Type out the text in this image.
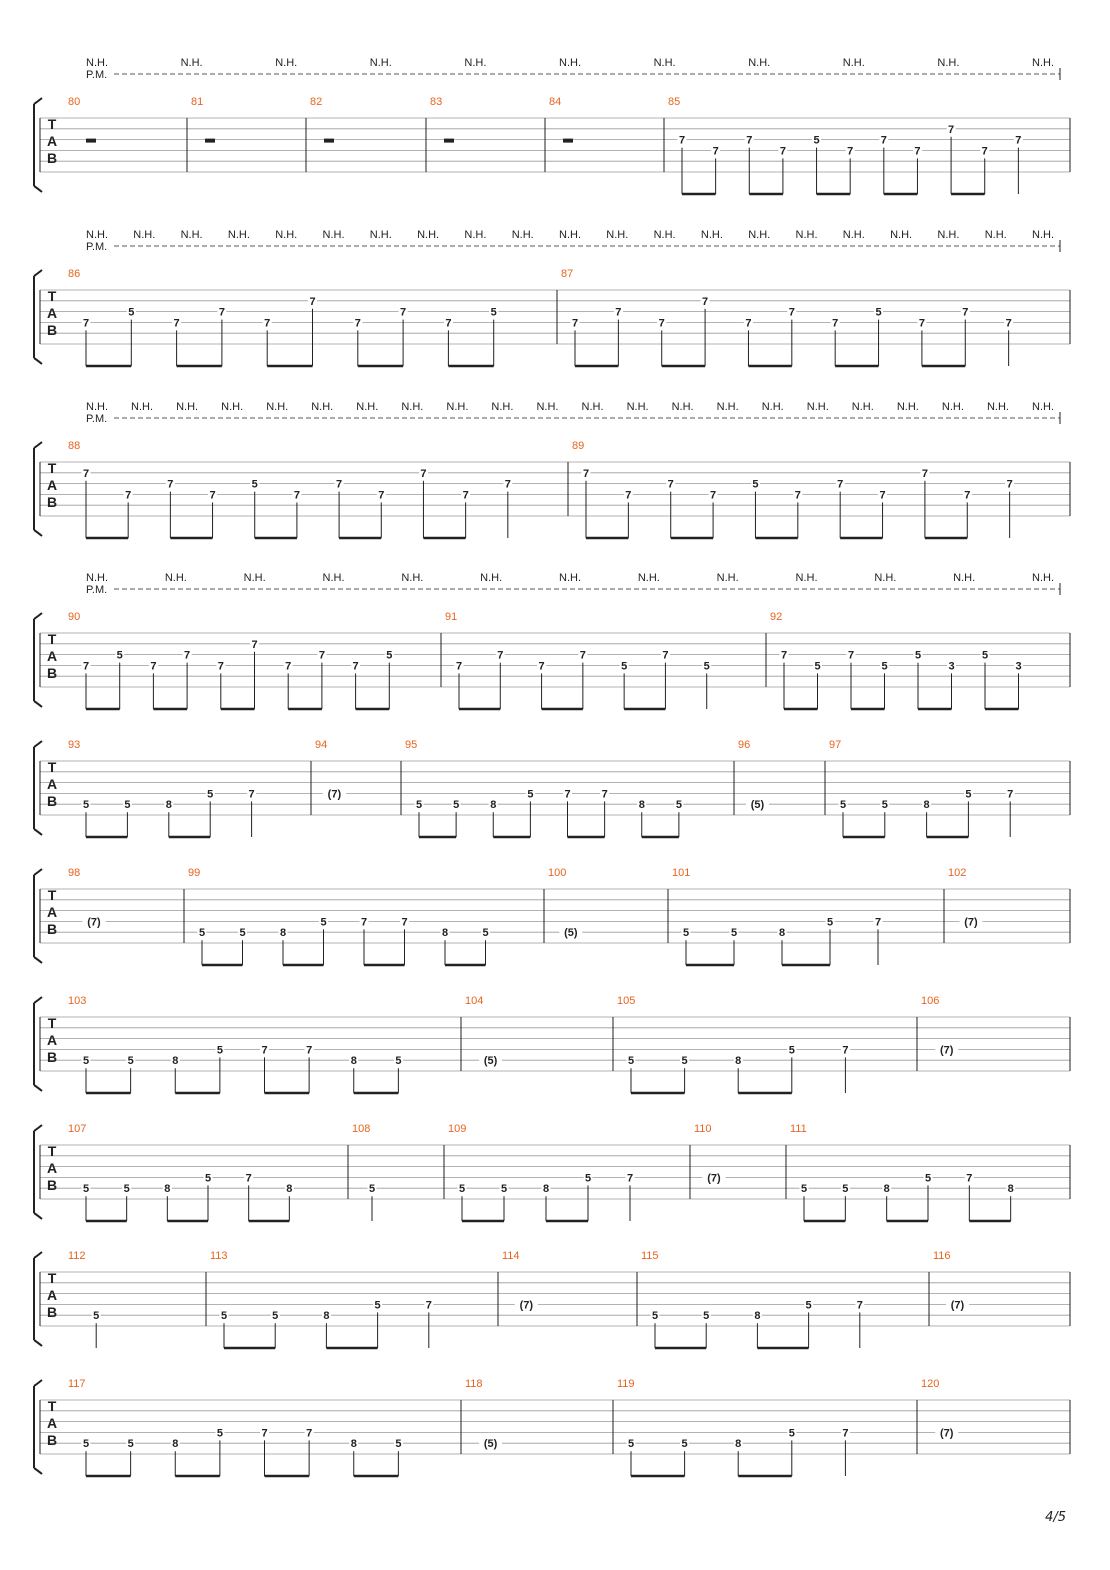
T
A
B
N.H.	N.H.	N.H.	N.H.	N.H.	N.H.	N.H.	N.H.	N.H.	N.H.	N.H.
P.M.
80	81	82	83	84	85
7
7
7
7
5
7
7
7
7
7
7
T
A
B
N.H. N.H. N.H. N.H. N.H. N.H. N.H. N.H. N.H. N.H. N.H. N.H. N.H. N.H. N.H. N.H. N.H. N.H. N.H. N.H. N.H.
P.M.
86
7
5
7
7
7
7
7
7
7
5
87
7
7
7
7
7
7
7
5
7
7
7
T
A
B
N.H. N.H. N.H. N.H. N.H. N.H. N.H. N.H. N.H. N.H. N.H. N.H. N.H. N.H. N.H. N.H. N.H. N.H. N.H. N.H. N.H. N.H.
P.M.
88
7
7
7
7
5
7
7
7
7
7
7
89
7
7
7
7
5
7
7
7
7
7
7
T
A
B
N.H.	N.H.	N.H.	N.H.	N.H.	N.H.	N.H.	N.H.	N.H.	N.H.	N.H.	N.H.	N.H.
P.M.
90
7
5
7
7
7
7
7
7
7
5
91
7
7
7
7
5
7
5
92
7
5
7
5
5
3
5
3
T
A
B
93
5	5	8
5	7
94
(7)
95
5	5	8
5	7	7
8	5
96
(5)
97
5	5	8
5	7
T
A
B
98
(7)
99
5	5	8
5	7	7
8	5
100
(5)
101
5	5	8
5	7
102
(7)
T
A
B
103
5	5	8
5	7	7
8	5
104
(5)
105
5	5	8
5	7
106
(7)
T
A
B
107
5	5	8
5	7
8
108
5
109
5	5	8
5	7
110
(7)
111
5	5	8
5	7
8
T
A
B
112
5
113
5	5	8
5	7
114
(7)
115
5	5	8
5	7
116
(7)
T
A
B
117
5	5	8
5	7	7
8	5
118
(5)
119
5	5	8
5	7
120
(7)
4/5
